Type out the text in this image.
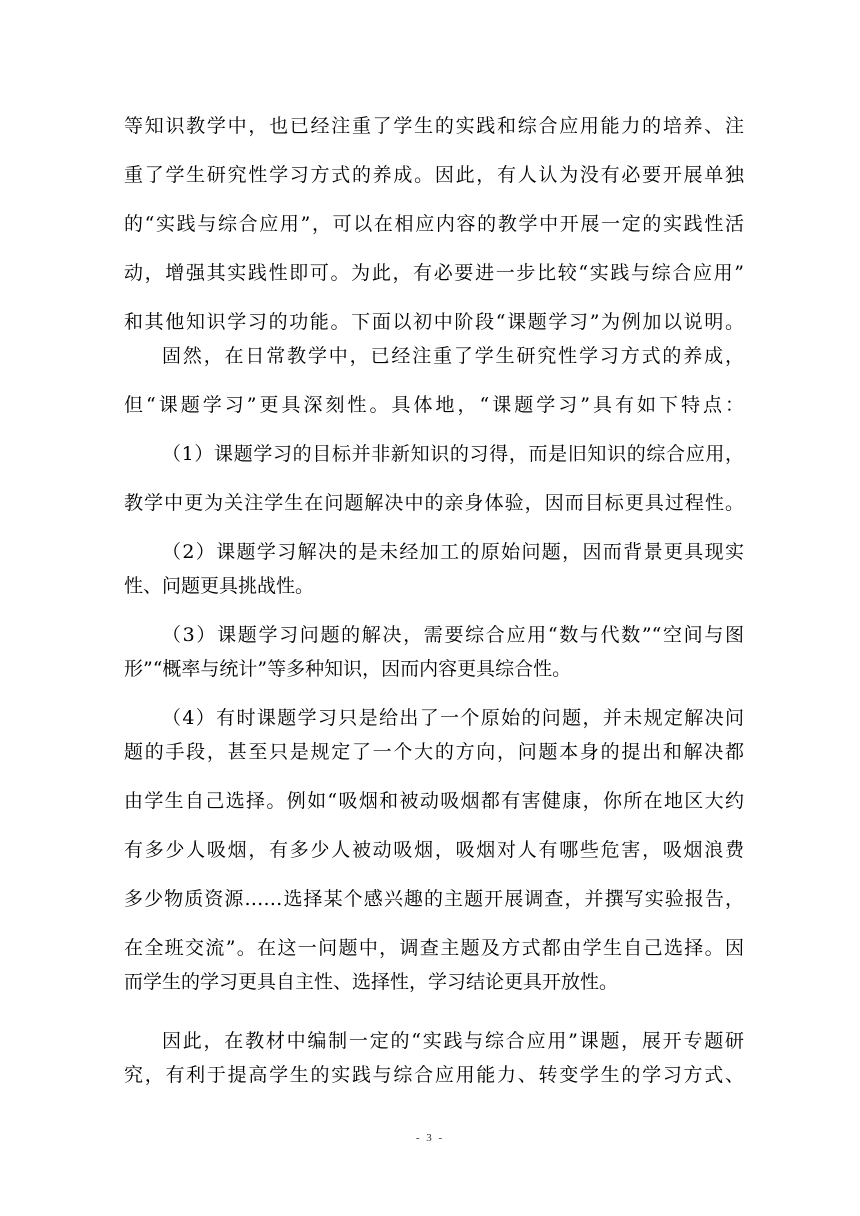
等知识教学中，也已经注重了学生的实践和综合应用能力的培养、注
重了学生研究性学习方式的养成。因此，有人认为没有必要开展单独
的“实践与综合应用”，可以在相应内容的教学中开展一定的实践性活
动，增强其实践性即可。为此，有必要进一步比较“实践与综合应用”
和其他知识学习的功能。下面以初中阶段“课题学习”为例加以说明。
固然，在日常教学中，已经注重了学生研究性学习方式的养成，
但“课题学习”更具深刻性。具体地，“课题学习”具有如下特点：
（1）课题学习的目标并非新知识的习得，而是旧知识的综合应用，
教学中更为关注学生在问题解决中的亲身体验，因而目标更具过程性。
（2）课题学习解决的是未经加工的原始问题，因而背景更具现实
性、问题更具挑战性。
（3）课题学习问题的解决，需要综合应用“数与代数”“空间与图
形”“概率与统计”等多种知识，因而内容更具综合性。
（4）有时课题学习只是给出了一个原始的问题，并未规定解决问
题的手段，甚至只是规定了一个大的方向，问题本身的提出和解决都
由学生自己选择。例如“吸烟和被动吸烟都有害健康，你所在地区大约
有多少人吸烟，有多少人被动吸烟，吸烟对人有哪些危害，吸烟浪费
多少物质资源……选择某个感兴趣的主题开展调查，并撰写实验报告，
在全班交流”。在这一问题中，调查主题及方式都由学生自己选择。因
而学生的学习更具自主性、选择性，学习结论更具开放性。
因此，在教材中编制一定的“实践与综合应用”课题，展开专题研
究，有利于提高学生的实践与综合应用能力、转变学生的学习方式、
- 3 -
